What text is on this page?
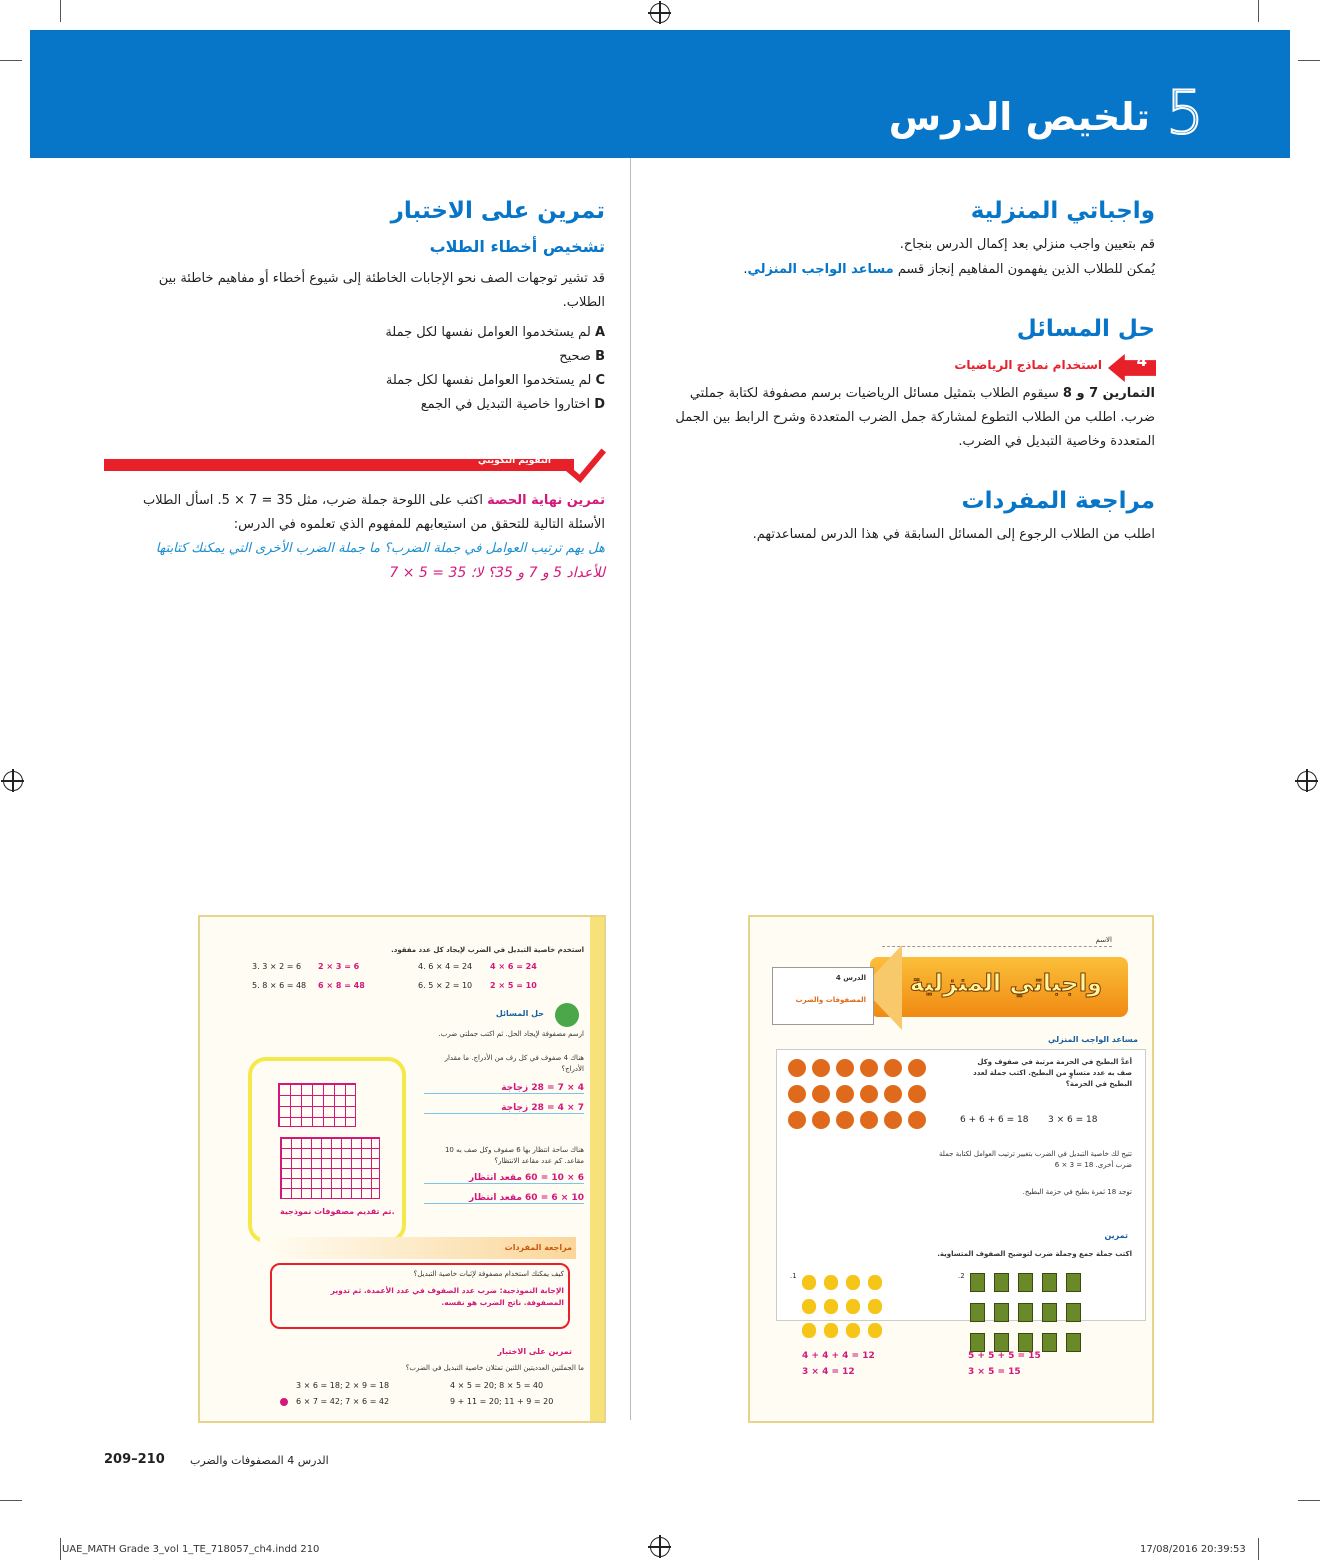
تلخيص الدرس 5
واجباتي المنزلية
قم بتعيين واجب منزلي بعد إكمال الدرس بنجاح.
يُمكن للطلاب الذين يفهمون المفاهيم إنجاز قسم مساعد الواجب المنزلي.
حل المسائل
4
استخدام نماذج الرياضيات
التمارين 7 و 8 سيقوم الطلاب بتمثيل مسائل الرياضيات برسم مصفوفة لكتابة جملتي
ضرب. اطلب من الطلاب التطوع لمشاركة جمل الضرب المتعددة وشرح الرابط بين الجمل
المتعددة وخاصية التبديل في الضرب.
مراجعة المفردات
اطلب من الطلاب الرجوع إلى المسائل السابقة في هذا الدرس لمساعدتهم.
تمرين على الاختبار
تشخيص أخطاء الطلاب
قد تشير توجهات الصف نحو الإجابات الخاطئة إلى شيوع أخطاء أو مفاهيم خاطئة بين
الطلاب.
A لم يستخدموا العوامل نفسها لكل جملة
B صحيح
C لم يستخدموا العوامل نفسها لكل جملة
D اختاروا خاصية التبديل في الجمع
التقويم التكويني
تمرين نهاية الحصة اكتب على اللوحة جملة ضرب، مثل 35 = 7 × 5. اسأل الطلاب
الأسئلة التالية للتحقق من استيعابهم للمفهوم الذي تعلموه في الدرس:
هل يهم ترتيب العوامل في جملة الضرب؟ ما جملة الضرب الأخرى التي يمكنك كتابتها
للأعداد 5 و 7 و 35؟ لا؛ 35 = 5 × 7
الاسم
واجباتي المنزلية
الدرس 4
المصفوفات والضرب
مساعد الواجب المنزلي
أعدَّ البطيخ في الحزمة مرتبة في صفوف وكل صف به عدد متساوٍ من البطيخ. اكتب جملة لعدد البطيخ في الحزمة؟
6 + 6 + 6 = 18 3 × 6 = 18
تتيح لك خاصية التبديل في الضرب بتغيير ترتيب العوامل لكتابة جملة ضرب أخرى. 18 = 3 × 6
توجد 18 ثمرة بطيخ في حزمة البطيخ.
تمرين
اكتب جملة جمع وجملة ضرب لتوضيح الصفوف المتساوية.
1.
4 + 4 + 4 = 12
3 × 4 = 12
2.
5 + 5 + 5 = 15
3 × 5 = 15
استخدم خاصية التبديل في الضرب لإيجاد كل عدد مفقود.
3. 3 × 2 = 6 2 × 3 = 6	4. 6 × 4 = 24 4 × 6 = 24
5. 8 × 6 = 48 6 × 8 = 48	6. 5 × 2 = 10 2 × 5 = 10
حل المسائل
ارسم مصفوفة لإيجاد الحل. ثم اكتب جملتي ضرب.
تم تقديم مصفوفات نموذجية.
هناك 4 صفوف في كل رف من الأدراج. ما مقدار الأدراج؟
4 × 7 = 28 زجاجة
7 × 4 = 28 زجاجة
هناك ساحة انتظار بها 6 صفوف وكل صف به 10 مقاعد. كم عدد مقاعد الانتظار؟
6 × 10 = 60 مقعد انتظار
10 × 6 = 60 مقعد انتظار
مراجعة المفردات
كيف يمكنك استخدام مصفوفة لإثبات خاصية التبديل؟
الإجابة النموذجية: ضرب عدد الصفوف في عدد الأعمدة. ثم تدوير المصفوفة. ناتج الضرب هو نفسه.
تمرين على الاختبار
ما الجملتين العدديتين اللتين تمثلان خاصية التبديل في الضرب؟
3 × 6 = 18; 2 × 9 = 18	4 × 5 = 20; 8 × 5 = 40
6 × 7 = 42; 7 × 6 = 42	9 + 11 = 20; 11 + 9 = 20
209–210 الدرس 4 المصفوفات والضرب
UAE_MATH Grade 3_vol 1_TE_718057_ch4.indd 210	17/08/2016 20:39:53
